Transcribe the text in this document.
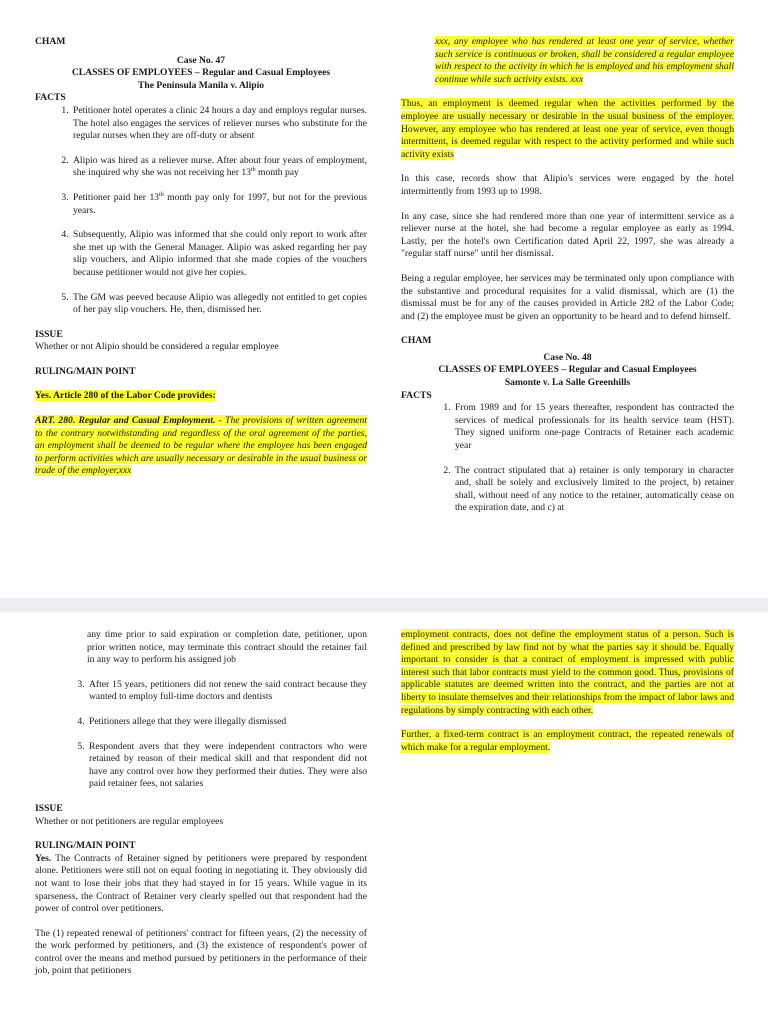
CHAM

Case No. 47
CLASSES OF EMPLOYEES – Regular and Casual Employees
The Peninsula Manila v. Alipio
FACTS
1. Petitioner hotel operates a clinic 24 hours a day and employs regular nurses. The hotel also engages the services of reliever nurses who substitute for the regular nurses when they are off-duty or absent
2. Alipio was hired as a reliever nurse. After about four years of employment, she inquired why she was not receiving her 13th month pay
3. Petitioner paid her 13th month pay only for 1997, but not for the previous years.
4. Subsequently, Alipio was informed that she could only report to work after she met up with the General Manager. Alipio was asked regarding her pay slip vouchers, and Alipio informed that she made copies of the vouchers because petitioner would not give her copies.
5. The GM was peeved because Alipio was allegedly not entitled to get copies of her pay slip vouchers. He, then, dismissed her.
ISSUE

Whether or not Alipio should be considered a regular employee

RULING/MAIN POINT

Yes. Article 280 of the Labor Code provides:

ART. 280. Regular and Casual Employment. - The provisions of written agreement to the contrary notwithstanding and regardless of the oral agreement of the parties, an employment shall be deemed to be regular where the employee has been engaged to perform activities which are usually necessary or desirable in the usual business or trade of the employer,xxx

xxx, any employee who has rendered at least one year of service, whether such service is continuous or broken, shall be considered a regular employee with respect to the activity in which he is employed and his employment shall continue while such activity exists. xxx

Thus, an employment is deemed regular when the activities performed by the employee are usually necessary or desirable in the usual business of the employer. However, any employee who has rendered at least one year of service, even though intermittent, is deemed regular with respect to the activity performed and while such activity exists

In this case, records show that Alipio's services were engaged by the hotel intermittently from 1993 up to 1998.

In any case, since she had rendered more than one year of intermittent service as a reliever nurse at the hotel, she had become a regular employee as early as 1994. Lastly, per the hotel's own Certification dated April 22, 1997, she was already a "regular staff nurse" until her dismissal.

Being a regular employee, her services may be terminated only upon compliance with the substantive and procedural requisites for a valid dismissal, which are (1) the dismissal must be for any of the causes provided in Article 282 of the Labor Code; and (2) the employee must be given an opportunity to be heard and to defend himself.

CHAM

Case No. 48
CLASSES OF EMPLOYEES – Regular and Casual Employees
Samonte v. La Salle Greenhills
FACTS
1. From 1989 and for 15 years thereafter, respondent has contracted the services of medical professionals for its health service team (HST). They signed uniform one-page Contracts of Retainer each academic year
2. The contract stipulated that a) retainer is only temporary in character and, shall be solely and exclusively limited to the project, b) retainer shall, without need of any notice to the retainer, automatically cease on the expiration date, and c) at

any time prior to said expiration or completion date, petitioner, upon prior written notice, may terminate this contract should the retainer fail in any way to perform his assigned job

3. After 15 years, petitioners did not renew the said contract because they wanted to employ full-time doctors and dentists
4. Petitioners allege that they were illegally dismissed
5. Respondent avers that they were independent contractors who were retained by reason of their medical skill and that respondent did not have any control over how they performed their duties. They were also paid retainer fees, not salaries
ISSUE

Whether or not petitioners are regular employees

RULING/MAIN POINT

Yes. The Contracts of Retainer signed by petitioners were prepared by respondent alone. Petitioners were still not on equal footing in negotiating it. They obviously did not want to lose their jobs that they had stayed in for 15 years. While vague in its sparseness, the Contract of Retainer very clearly spelled out that respondent had the power of control over petitioners.

The (1) repeated renewal of petitioners' contract for fifteen years, (2) the necessity of the work performed by petitioners, and (3) the existence of respondent's power of control over the means and method pursued by petitioners in the performance of their job, point that petitioners

employment contracts, does not define the employment status of a person. Such is defined and prescribed by law find not by what the parties say it should be. Equally important to consider is that a contract of employment is impressed with public interest such that labor contracts must yield to the common good. Thus, provisions of applicable statutes are deemed written into the contract, and the parties are not at liberty to insulate themselves and their relationships from the impact of labor laws and regulations by simply contracting with each other.

Further, a fixed-term contract is an employment contract, the repeated renewals of which make for a regular employment.
